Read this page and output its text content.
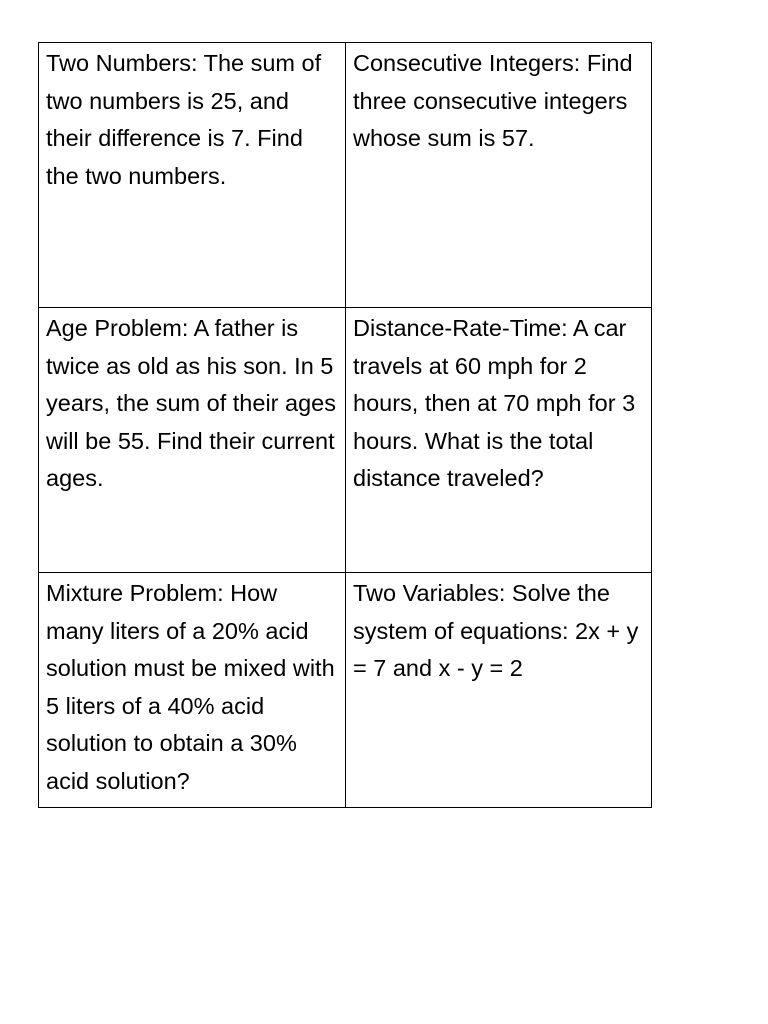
Two Numbers: The sum of two numbers is 25, and their difference is 7. Find the two numbers.	Consecutive Integers: Find three consecutive integers whose sum is 57.
Age Problem: A father is twice as old as his son. In 5 years, the sum of their ages will be 55. Find their current ages.	Distance-Rate-Time: A car travels at 60 mph for 2 hours, then at 70 mph for 3 hours. What is the total distance traveled?
Mixture Problem: How many liters of a 20% acid solution must be mixed with 5 liters of a 40% acid solution to obtain a 30% acid solution?	Two Variables: Solve the system of equations: 2x + y = 7 and x - y = 2
